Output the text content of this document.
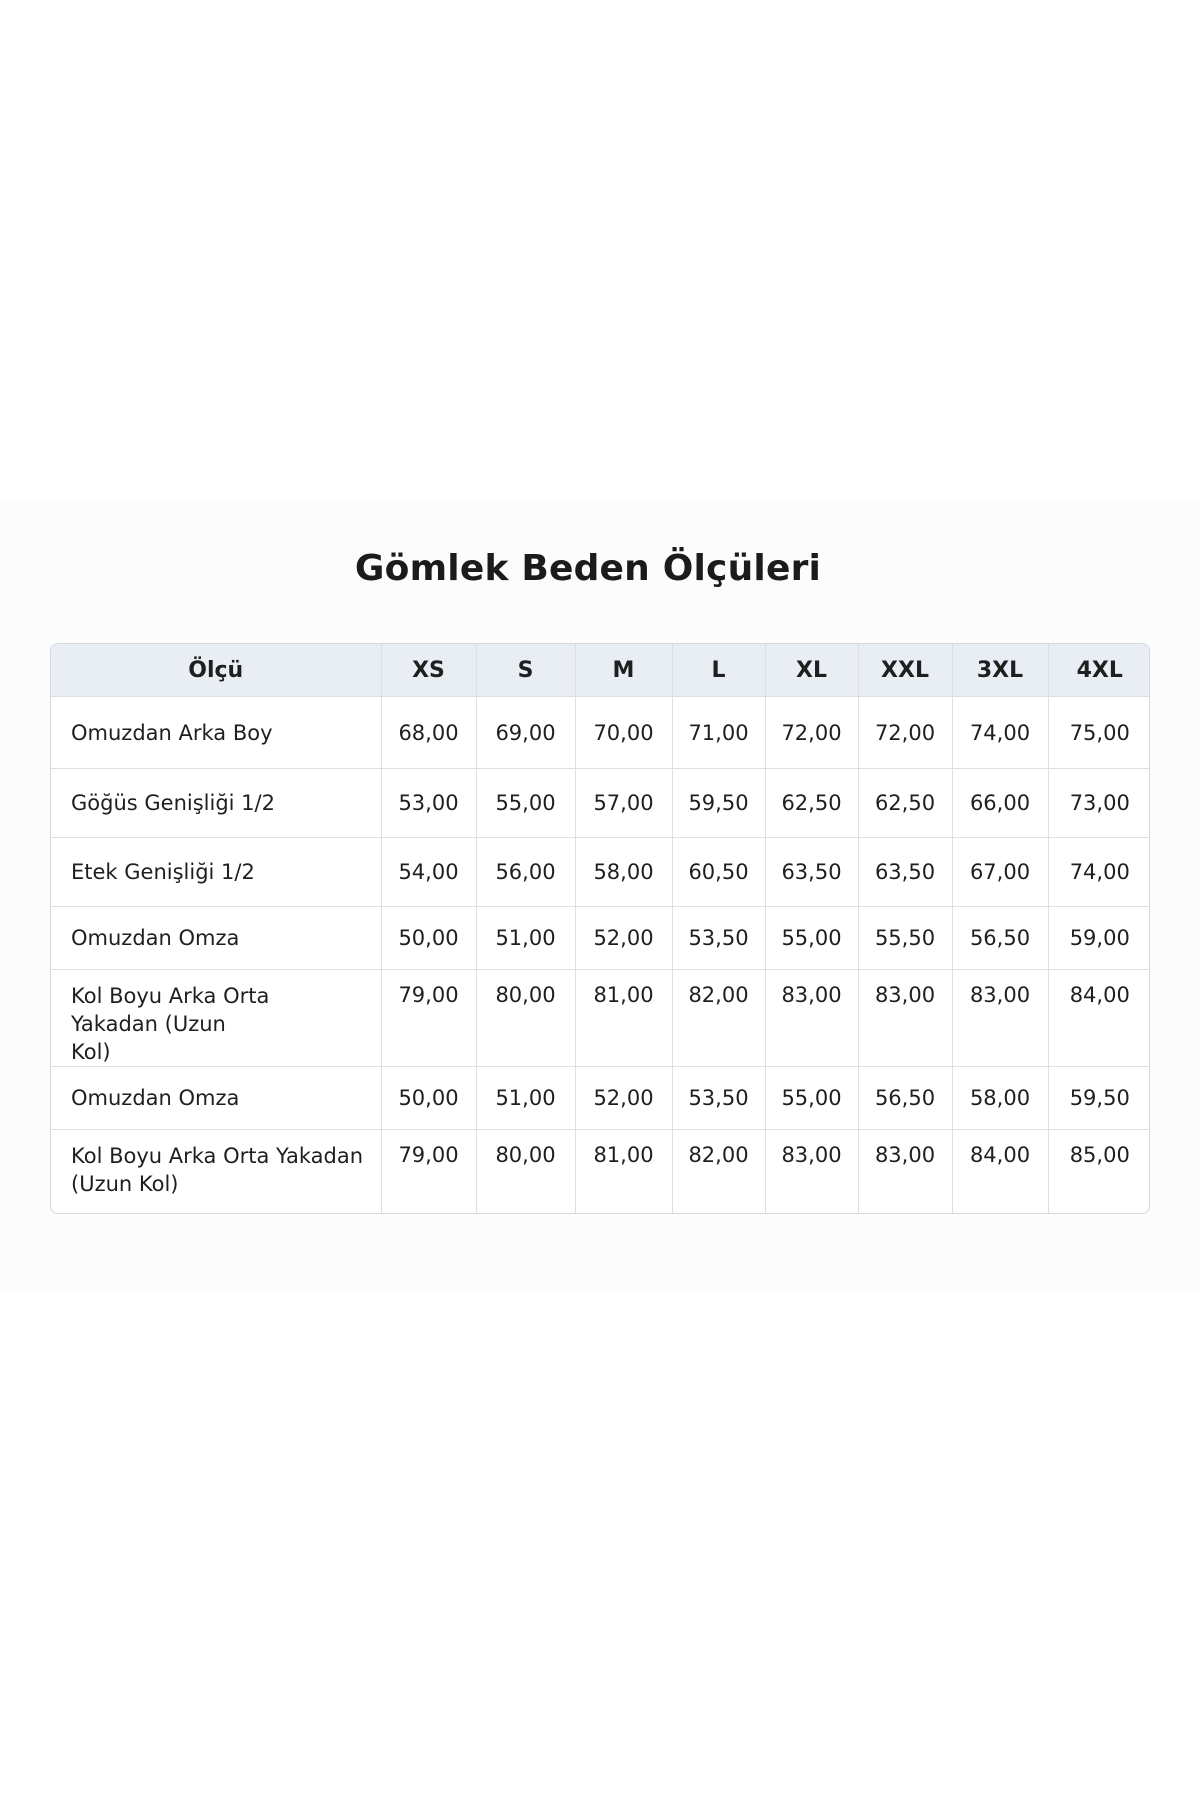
Gömlek Beden Ölçüleri
Ölçü	XS	S	M	L	XL	XXL	3XL	4XL
Omuzdan Arka Boy	68,00	69,00	70,00	71,00	72,00	72,00	74,00	75,00
Göğüs Genişliği 1/2	53,00	55,00	57,00	59,50	62,50	62,50	66,00	73,00
Etek Genişliği 1/2	54,00	56,00	58,00	60,50	63,50	63,50	67,00	74,00
Omuzdan Omza	50,00	51,00	52,00	53,50	55,00	55,50	56,50	59,00
Kol Boyu Arka Orta Yakadan (Uzun Kol)	79,00	80,00	81,00	82,00	83,00	83,00	83,00	84,00
Omuzdan Omza	50,00	51,00	52,00	53,50	55,00	56,50	58,00	59,50
Kol Boyu Arka Orta Yakadan (Uzun Kol)	79,00	80,00	81,00	82,00	83,00	83,00	84,00	85,00
